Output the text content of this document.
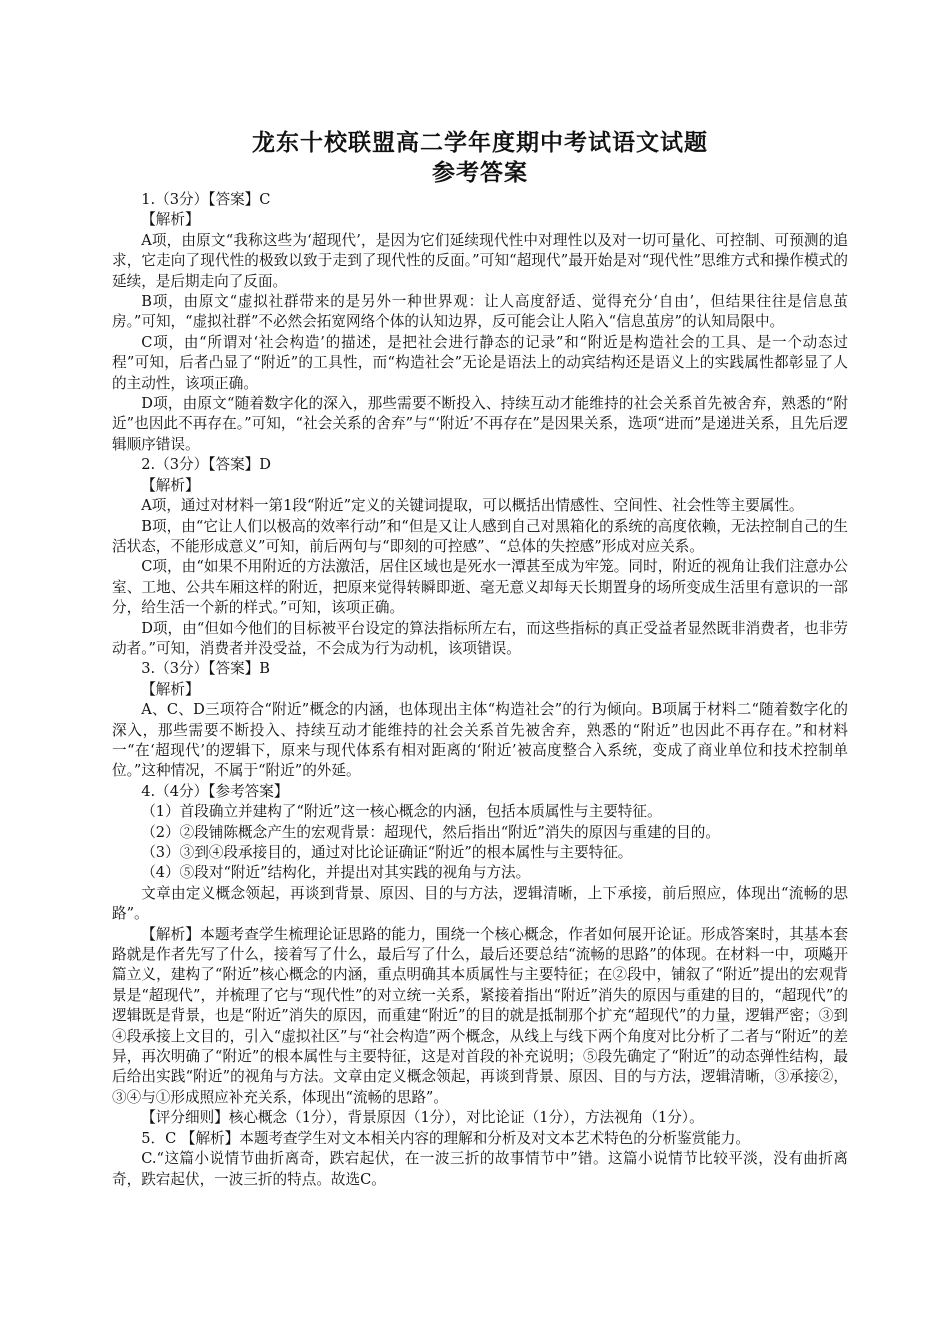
龙东十校联盟高二学年度期中考试语文试题
参考答案

1.（3分）【答案】C

【解析】

A项，由原文“我称这些为‘超现代’，是因为它们延续现代性中对理性以及对一切可量化、可控制、可预测的追求，它走向了现代性的极致以致于走到了现代性的反面。”可知“超现代”最开始是对“现代性”思维方式和操作模式的延续，是后期走向了反面。

B项，由原文“虚拟社群带来的是另外一种世界观：让人高度舒适、觉得充分‘自由’，但结果往往是信息茧房。”可知，“虚拟社群”不必然会拓宽网络个体的认知边界，反可能会让人陷入“信息茧房”的认知局限中。

C项，由“所谓对‘社会构造’的描述，是把社会进行静态的记录”和“附近是构造社会的工具、是一个动态过程”可知，后者凸显了“附近”的工具性，而“构造社会”无论是语法上的动宾结构还是语义上的实践属性都彰显了人的主动性，该项正确。

D项，由原文“随着数字化的深入，那些需要不断投入、持续互动才能维持的社会关系首先被舍弃，熟悉的“附近”也因此不再存在。”可知，“社会关系的舍弃”与“‘附近’不再存在”是因果关系，选项“进而”是递进关系，且先后逻辑顺序错误。

2.（3分）【答案】D

【解析】

A项，通过对材料一第1段“附近”定义的关键词提取，可以概括出情感性、空间性、社会性等主要属性。

B项，由“它让人们以极高的效率行动”和“但是又让人感到自己对黑箱化的系统的高度依赖，无法控制自己的生活状态，不能形成意义”可知，前后两句与“即刻的可控感”、“总体的失控感”形成对应关系。

C项，由“如果不用附近的方法激活，居住区域也是死水一潭甚至成为牢笼。同时，附近的视角让我们注意办公室、工地、公共车厢这样的附近，把原来觉得转瞬即逝、毫无意义却每天长期置身的场所变成生活里有意识的一部分，给生活一个新的样式。”可知，该项正确。

D项，由“但如今他们的目标被平台设定的算法指标所左右，而这些指标的真正受益者显然既非消费者，也非劳动者。”可知，消费者并没受益，不会成为行为动机，该项错误。

3.（3分）【答案】B

【解析】

A、C、D三项符合“附近”概念的内涵，也体现出主体“构造社会”的行为倾向。B项属于材料二“随着数字化的深入，那些需要不断投入、持续互动才能维持的社会关系首先被舍弃，熟悉的“附近”也因此不再存在。”和材料一“在‘超现代’的逻辑下，原来与现代体系有相对距离的‘附近’被高度整合入系统，变成了商业单位和技术控制单位。”这种情况，不属于“附近”的外延。

4.（4分）【参考答案】

（1）首段确立并建构了“附近”这一核心概念的内涵，包括本质属性与主要特征。

（2）②段铺陈概念产生的宏观背景：超现代，然后指出“附近”消失的原因与重建的目的。

（3）③到④段承接目的，通过对比论证确证“附近”的根本属性与主要特征。

（4）⑤段对“附近”结构化，并提出对其实践的视角与方法。

文章由定义概念领起，再谈到背景、原因、目的与方法，逻辑清晰，上下承接，前后照应，体现出“流畅的思路”。

【解析】本题考查学生梳理论证思路的能力，围绕一个核心概念，作者如何展开论证。形成答案时，其基本套路就是作者先写了什么，接着写了什么，最后写了什么，最后还要总结“流畅的思路”的体现。在材料一中，项飚开篇立义，建构了“附近”核心概念的内涵，重点明确其本质属性与主要特征；在②段中，铺叙了“附近”提出的宏观背景是“超现代”，并梳理了它与“现代性”的对立统一关系，紧接着指出“附近”消失的原因与重建的目的，“超现代”的逻辑既是背景，也是“附近”消失的原因，而重建“附近”的目的就是抵制那个扩充“超现代”的力量，逻辑严密；③到④段承接上文目的，引入“虚拟社区”与“社会构造”两个概念，从线上与线下两个角度对比分析了二者与“附近”的差异，再次明确了“附近”的根本属性与主要特征，这是对首段的补充说明；⑤段先确定了“附近”的动态弹性结构，最后给出实践“附近”的视角与方法。文章由定义概念领起，再谈到背景、原因、目的与方法，逻辑清晰，③承接②，③④与①形成照应补充关系，体现出“流畅的思路”。

【评分细则】核心概念（1分），背景原因（1分），对比论证（1分），方法视角（1分）。

5．C 【解析】本题考查学生对文本相关内容的理解和分析及对文本艺术特色的分析鉴赏能力。

C.“这篇小说情节曲折离奇，跌宕起伏，在一波三折的故事情节中”错。这篇小说情节比较平淡，没有曲折离奇，跌宕起伏，一波三折的特点。故选C。
